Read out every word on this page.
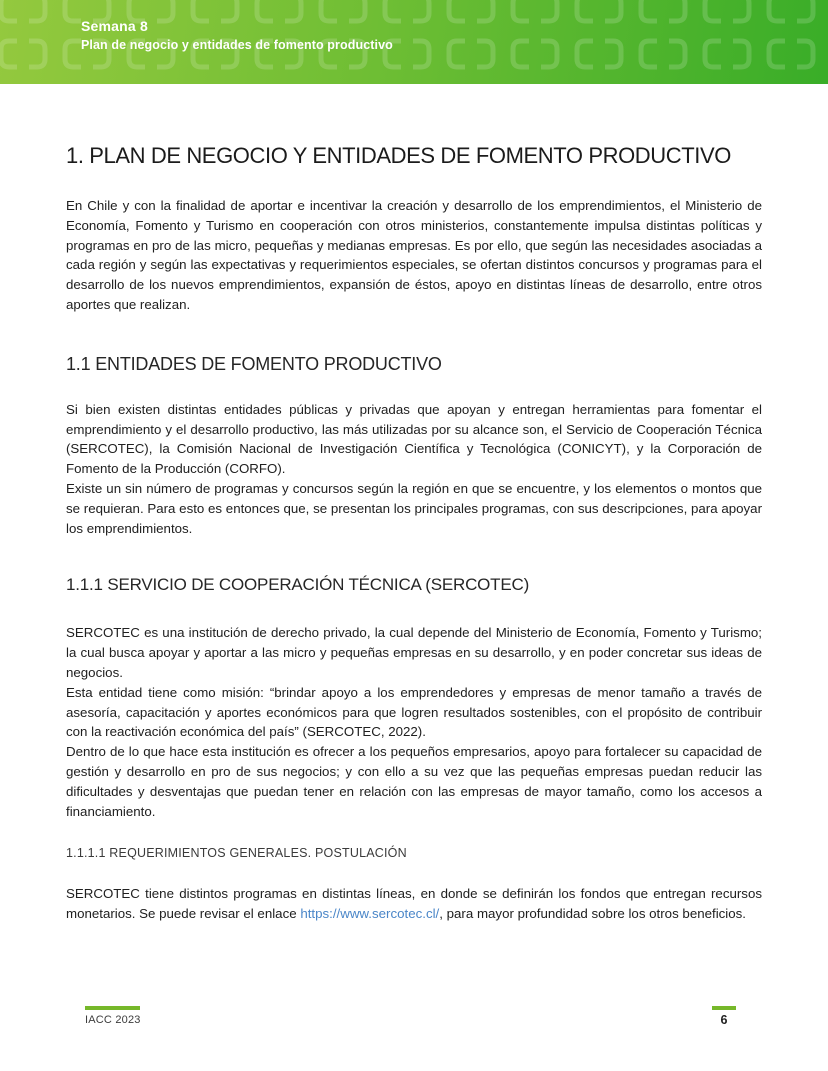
Semana 8
Plan de negocio y entidades de fomento productivo
1. PLAN DE NEGOCIO Y ENTIDADES DE FOMENTO PRODUCTIVO

En Chile y con la finalidad de aportar e incentivar la creación y desarrollo de los emprendimientos, el Ministerio de Economía, Fomento y Turismo en cooperación con otros ministerios, constantemente impulsa distintas políticas y programas en pro de las micro, pequeñas y medianas empresas. Es por ello, que según las necesidades asociadas a cada región y según las expectativas y requerimientos especiales, se ofertan distintos concursos y programas para el desarrollo de los nuevos emprendimientos, expansión de éstos, apoyo en distintas líneas de desarrollo, entre otros aportes que realizan.

1.1 ENTIDADES DE FOMENTO PRODUCTIVO

Si bien existen distintas entidades públicas y privadas que apoyan y entregan herramientas para fomentar el emprendimiento y el desarrollo productivo, las más utilizadas por su alcance son, el Servicio de Cooperación Técnica (SERCOTEC), la Comisión Nacional de Investigación Científica y Tecnológica (CONICYT), y la Corporación de Fomento de la Producción (CORFO).

Existe un sin número de programas y concursos según la región en que se encuentre, y los elementos o montos que se requieran. Para esto es entonces que, se presentan los principales programas, con sus descripciones, para apoyar los emprendimientos.

1.1.1 SERVICIO DE COOPERACIÓN TÉCNICA (SERCOTEC)

SERCOTEC es una institución de derecho privado, la cual depende del Ministerio de Economía, Fomento y Turismo; la cual busca apoyar y aportar a las micro y pequeñas empresas en su desarrollo, y en poder concretar sus ideas de negocios.

Esta entidad tiene como misión: “brindar apoyo a los emprendedores y empresas de menor tamaño a través de asesoría, capacitación y aportes económicos para que logren resultados sostenibles, con el propósito de contribuir con la reactivación económica del país” (SERCOTEC, 2022).

Dentro de lo que hace esta institución es ofrecer a los pequeños empresarios, apoyo para fortalecer su capacidad de gestión y desarrollo en pro de sus negocios; y con ello a su vez que las pequeñas empresas puedan reducir las dificultades y desventajas que puedan tener en relación con las empresas de mayor tamaño, como los accesos a financiamiento.

1.1.1.1 REQUERIMIENTOS GENERALES. POSTULACIÓN

SERCOTEC tiene distintos programas en distintas líneas, en donde se definirán los fondos que entregan recursos monetarios. Se puede revisar el enlace https://www.sercotec.cl/, para mayor profundidad sobre los otros beneficios.

IACC 2023	6
